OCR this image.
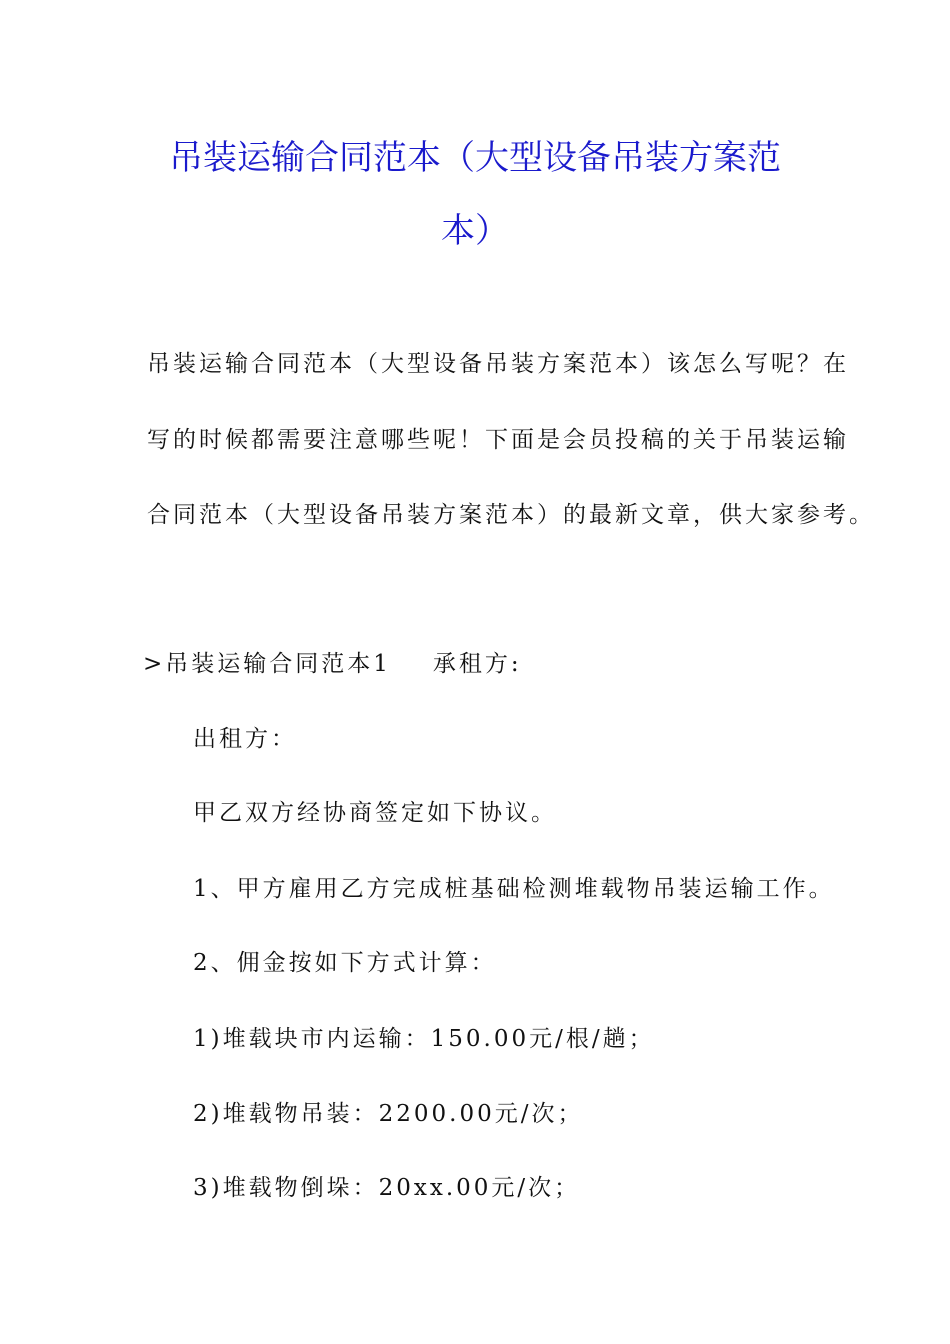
吊装运输合同范本（大型设备吊装方案范
本）
吊装运输合同范本（大型设备吊装方案范本）该怎么写呢？在
写的时候都需要注意哪些呢！下面是会员投稿的关于吊装运输
合同范本（大型设备吊装方案范本）的最新文章，供大家参考。
>吊装运输合同范本1 承租方:
出租方：
甲乙双方经协商签定如下协议。
1、甲方雇用乙方完成桩基础检测堆载物吊装运输工作。
2、佣金按如下方式计算：
1)堆载块市内运输：150.00元/根/趟；
2)堆载物吊装：2200.00元/次；
3)堆载物倒垛：20xx.00元/次；
